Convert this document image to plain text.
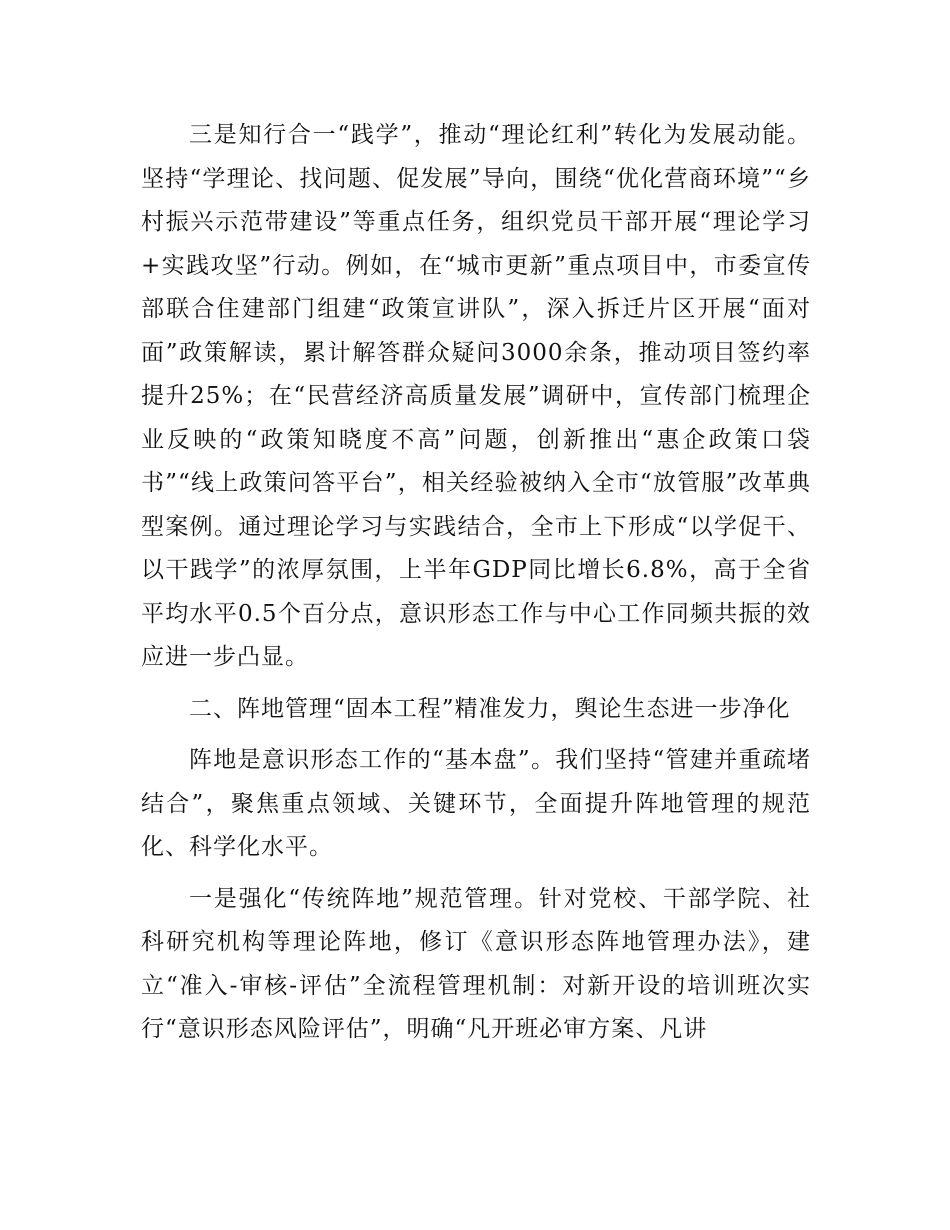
三是知行合一“践学”，推动“理论红利”转化为发展动能。坚持“学理论、找问题、促发展”导向，围绕“优化营商环境”“乡村振兴示范带建设”等重点任务，组织党员干部开展“理论学习+实践攻坚”行动。例如，在“城市更新”重点项目中，市委宣传部联合住建部门组建“政策宣讲队”，深入拆迁片区开展“面对面”政策解读，累计解答群众疑问3000余条，推动项目签约率提升25%；在“民营经济高质量发展”调研中，宣传部门梳理企业反映的“政策知晓度不高”问题，创新推出“惠企政策口袋书”“线上政策问答平台”，相关经验被纳入全市“放管服”改革典型案例。通过理论学习与实践结合，全市上下形成“以学促干、以干践学”的浓厚氛围，上半年GDP同比增长6.8%，高于全省平均水平0.5个百分点，意识形态工作与中心工作同频共振的效应进一步凸显。

二、阵地管理“固本工程”精准发力，舆论生态进一步净化

阵地是意识形态工作的“基本盘”。我们坚持“管建并重疏堵结合”，聚焦重点领域、关键环节，全面提升阵地管理的规范化、科学化水平。

一是强化“传统阵地”规范管理。针对党校、干部学院、社科研究机构等理论阵地，修订《意识形态阵地管理办法》，建立“准入-审核-评估”全流程管理机制：对新开设的培训班次实行“意识形态风险评估”，明确“凡开班必审方案、凡讲
